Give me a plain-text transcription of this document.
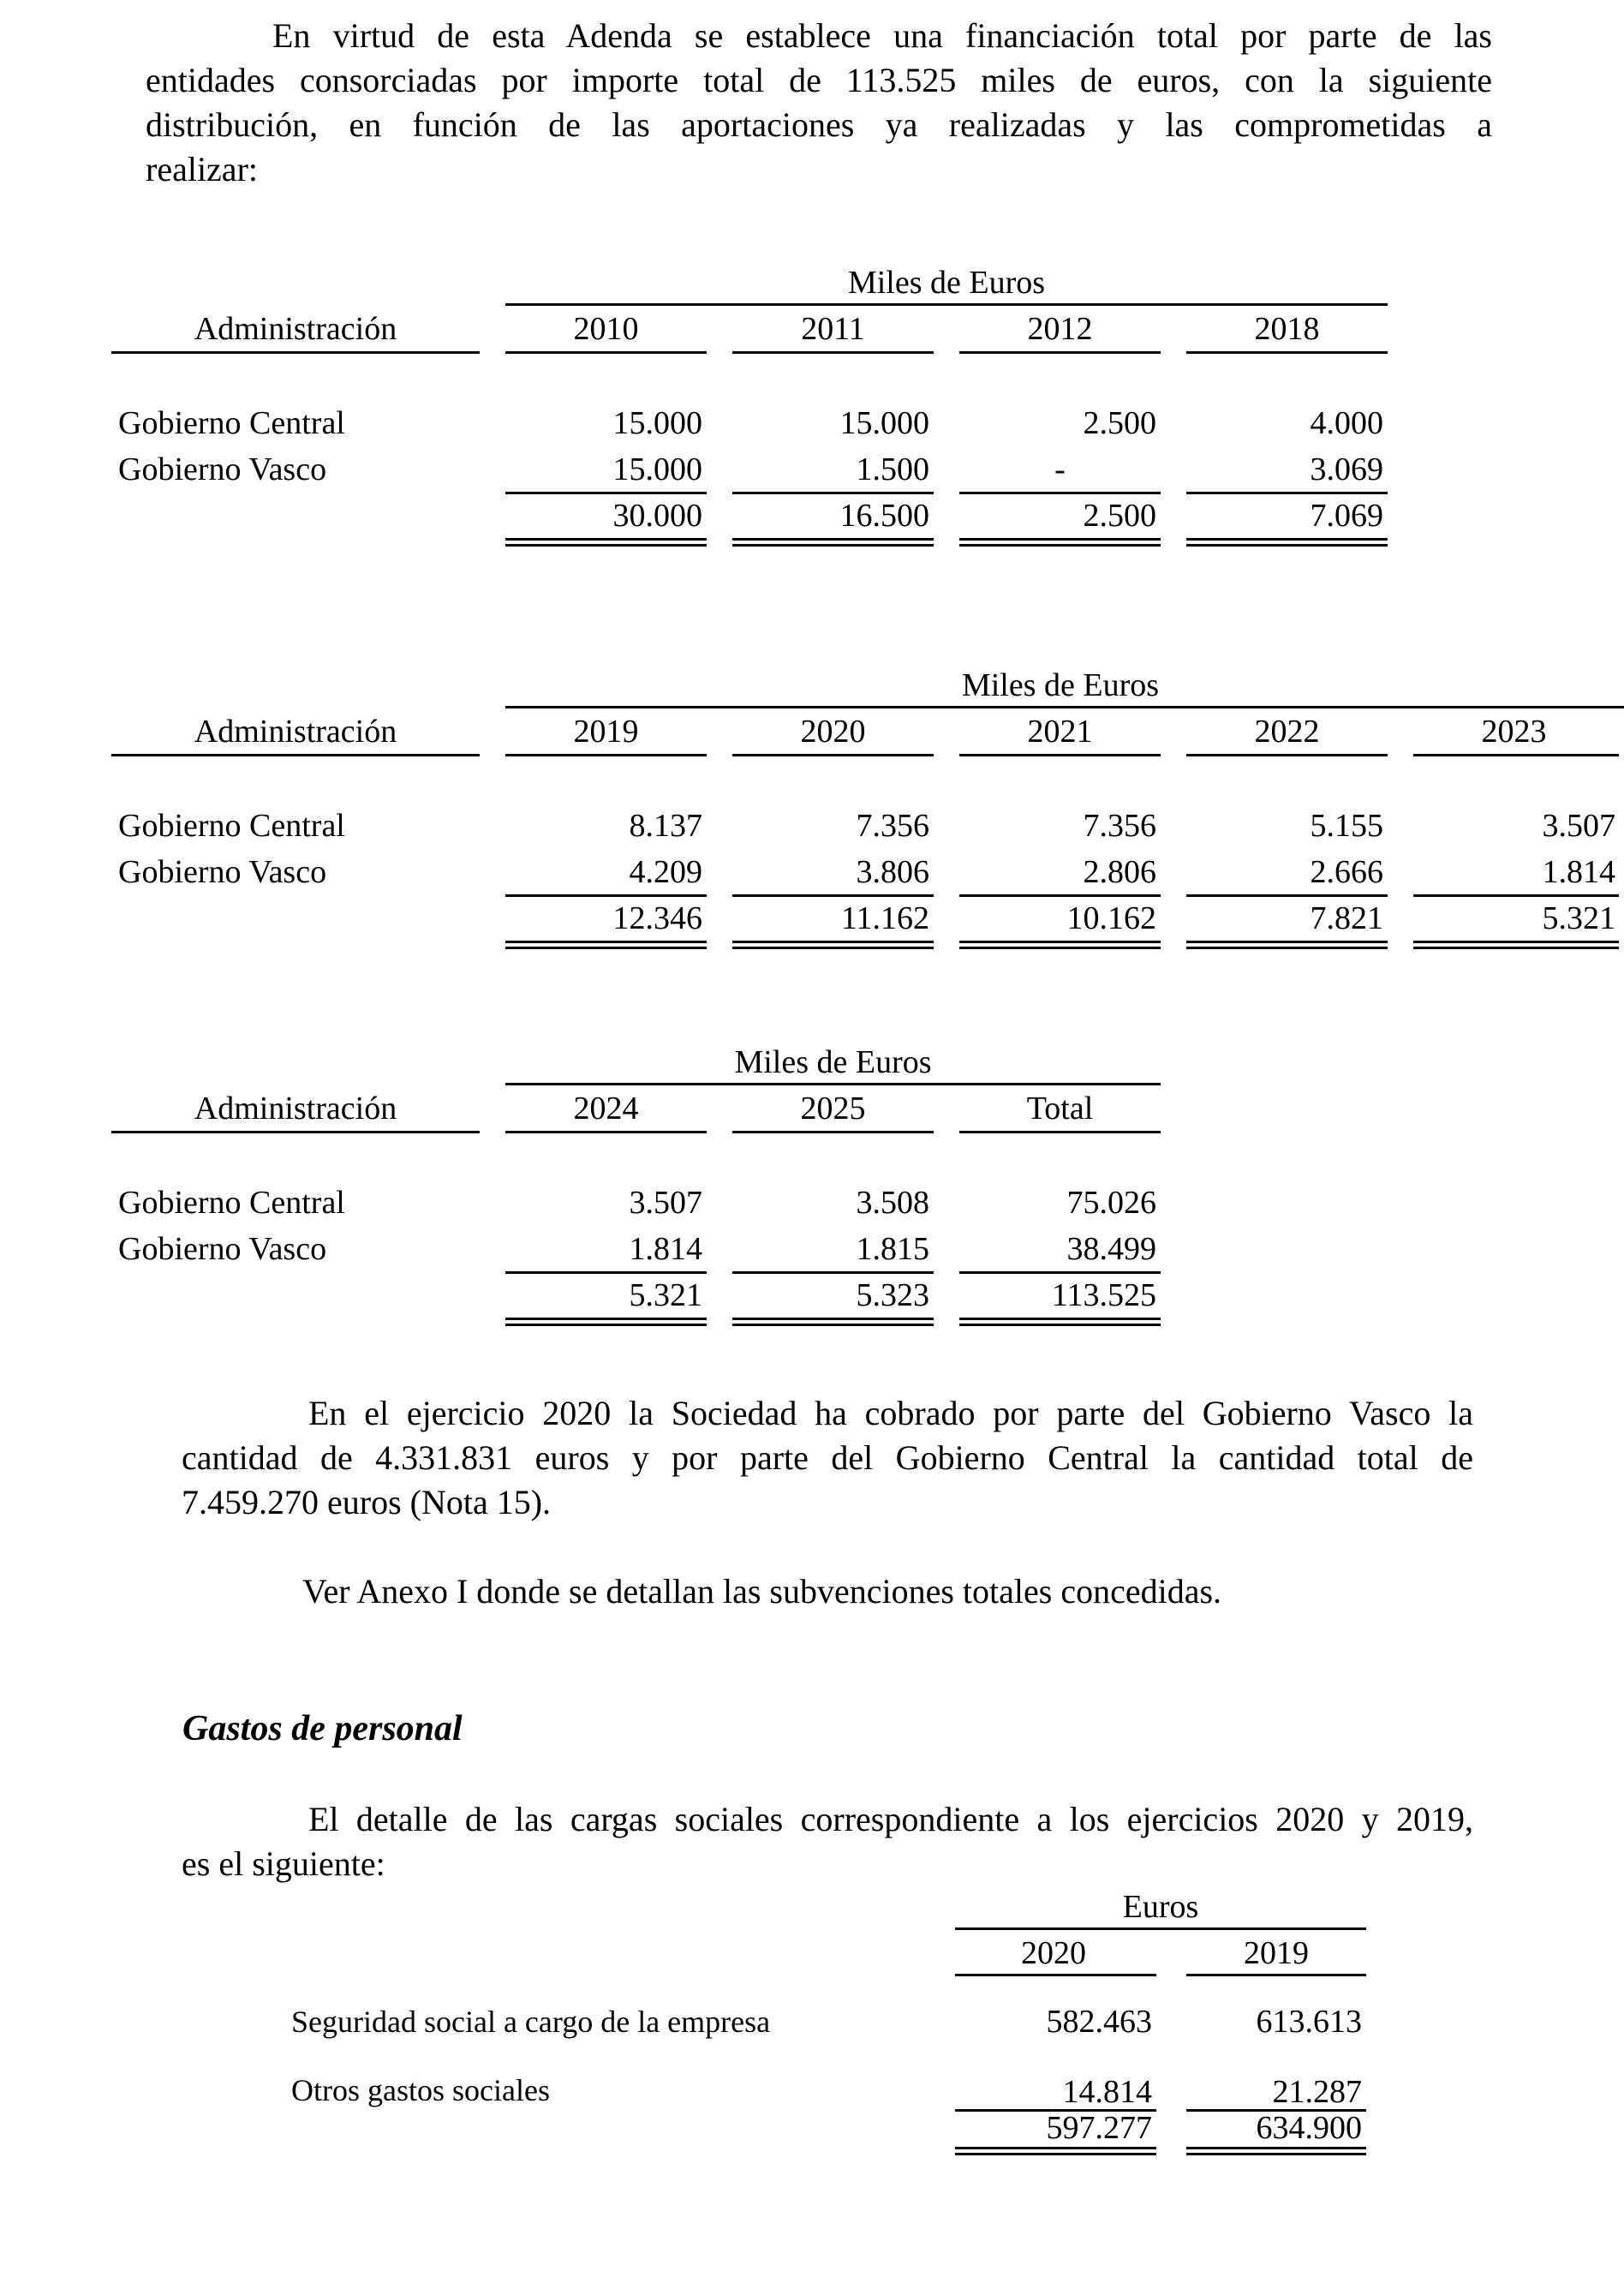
En virtud de esta Adenda se establece una financiación total por parte de las
entidades consorciadas por importe total de 113.525 miles de euros, con la siguiente
distribución, en función de las aportaciones ya realizadas y las comprometidas a
realizar:
Miles de Euros
Administración	2010	2011	2012	2018
Gobierno Central	15.000	15.000	2.500	4.000
Gobierno Vasco	15.000	1.500	-	3.069
30.000	16.500	2.500	7.069
Miles de Euros
Administración	2019	2020	2021	2022	2023
Gobierno Central	8.137	7.356	7.356	5.155	3.507
Gobierno Vasco	4.209	3.806	2.806	2.666	1.814
12.346	11.162	10.162	7.821	5.321
Miles de Euros
Administración	2024	2025	Total
Gobierno Central	3.507	3.508	75.026
Gobierno Vasco	1.814	1.815	38.499
5.321	5.323	113.525
En el ejercicio 2020 la Sociedad ha cobrado por parte del Gobierno Vasco la
cantidad de 4.331.831 euros y por parte del Gobierno Central la cantidad total de
7.459.270 euros (Nota 15).
Ver Anexo I donde se detallan las subvenciones totales concedidas.
Gastos de personal
El detalle de las cargas sociales correspondiente a los ejercicios 2020 y 2019,
es el siguiente:
Euros
2020	2019
Seguridad social a cargo de la empresa	582.463	613.613
Otros gastos sociales	14.814	21.287
597.277	634.900
